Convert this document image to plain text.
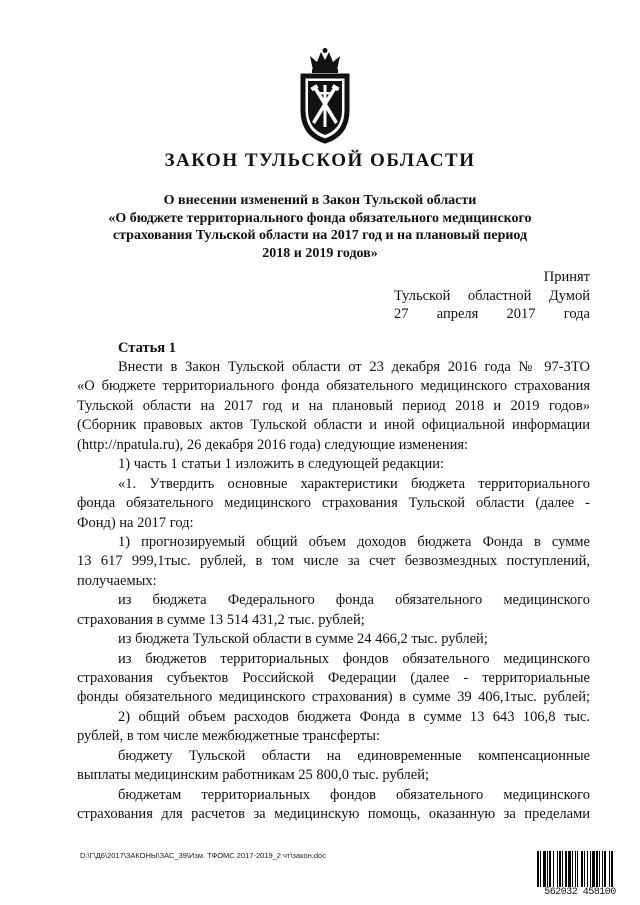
ЗАКОН ТУЛЬСКОЙ ОБЛАСТИ
О внесении изменений в Закон Тульской области
«О бюджете территориального фонда обязательного медицинского
страхования Тульской области на 2017 год и на плановый период
2018 и 2019 годов»
Принят
Тульской областной Думой
27 апреля 2017 года
Статья 1
Внести в Закон Тульской области от 23 декабря 2016 года № 97-ЗТО
«О бюджете территориального фонда обязательного медицинского страхования
Тульской области на 2017 год и на плановый период 2018 и 2019 годов»
(Сборник правовых актов Тульской области и иной официальной информации
(http://npatula.ru), 26 декабря 2016 года) следующие изменения:
1) часть 1 статьи 1 изложить в следующей редакции:
«1. Утвердить основные характеристики бюджета территориального
фонда обязательного медицинского страхования Тульской области (далее -
Фонд) на 2017 год:
1) прогнозируемый общий объем доходов бюджета Фонда в сумме
13 617 999,1тыс. рублей, в том числе за счет безвозмездных поступлений,
получаемых:
из бюджета Федерального фонда обязательного медицинского
страхования в сумме 13 514 431,2 тыс. рублей;
из бюджета Тульской области в сумме 24 466,2 тыс. рублей;
из бюджетов территориальных фондов обязательного медицинского
страхования субъектов Российской Федерации (далее - территориальные
фонды обязательного медицинского страхования) в сумме 39 406,1тыс. рублей;
2) общий объем расходов бюджета Фонда в сумме 13 643 106,8 тыс.
рублей, в том числе межбюджетные трансферты:
бюджету Тульской области на единовременные компенсационные
выплаты медицинским работникам 25 800,0 тыс. рублей;
бюджетам территориальных фондов обязательного медицинского
страхования для расчетов за медицинскую помощь, оказанную за пределами
D:\Г\Д6\2017\ЗАКОНЫ\ЗАС_39\Изм. ТФОМС 2017-2019_2 чт\закон.doc
562032 458100
